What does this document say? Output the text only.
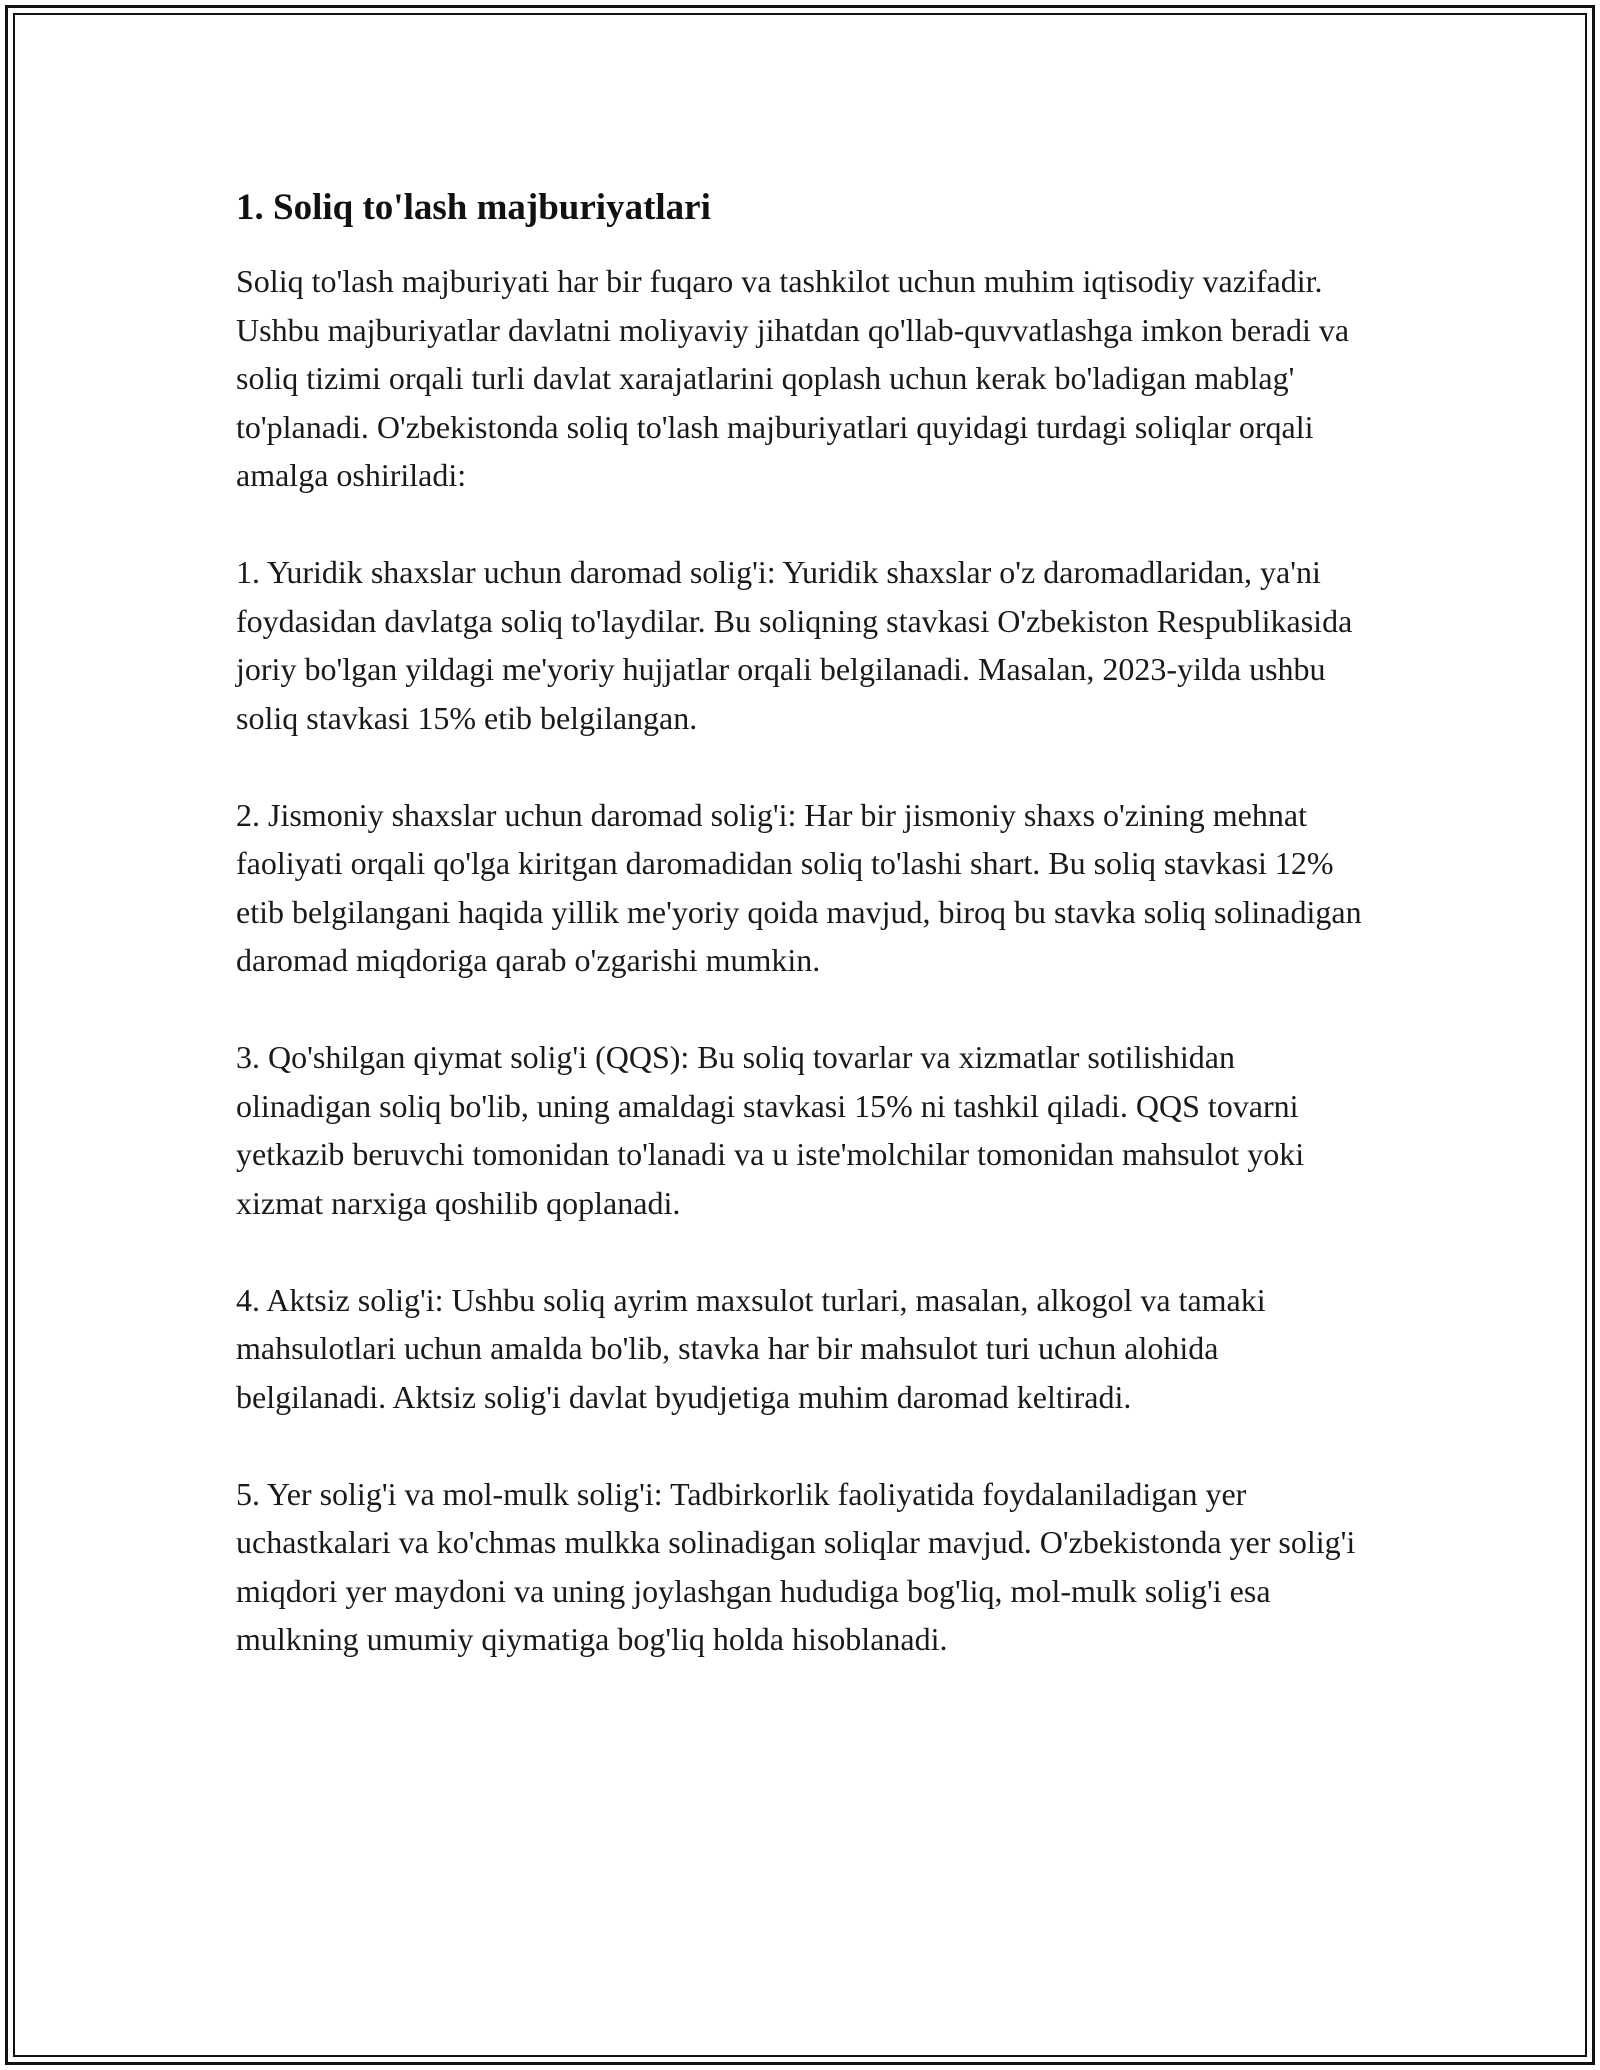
1. Soliq to'lash majburiyatlari

Soliq to'lash majburiyati har bir fuqaro va tashkilot uchun muhim iqtisodiy vazifadir. Ushbu majburiyatlar davlatni moliyaviy jihatdan qo'llab-quvvatlashga imkon beradi va soliq tizimi orqali turli davlat xarajatlarini qoplash uchun kerak bo'ladigan mablag' to'planadi. O'zbekistonda soliq to'lash majburiyatlari quyidagi turdagi soliqlar orqali amalga oshiriladi:

1. Yuridik shaxslar uchun daromad solig'i: Yuridik shaxslar o'z daromadlaridan, ya'ni foydasidan davlatga soliq to'laydilar. Bu soliqning stavkasi O'zbekiston Respublikasida joriy bo'lgan yildagi me'yoriy hujjatlar orqali belgilanadi. Masalan, 2023-yilda ushbu soliq stavkasi 15% etib belgilangan.

2. Jismoniy shaxslar uchun daromad solig'i: Har bir jismoniy shaxs o'zining mehnat faoliyati orqali qo'lga kiritgan daromadidan soliq to'lashi shart. Bu soliq stavkasi 12% etib belgilangani haqida yillik me'yoriy qoida mavjud, biroq bu stavka soliq solinadigan daromad miqdoriga qarab o'zgarishi mumkin.

3. Qo'shilgan qiymat solig'i (QQS): Bu soliq tovarlar va xizmatlar sotilishidan olinadigan soliq bo'lib, uning amaldagi stavkasi 15% ni tashkil qiladi. QQS tovarni yetkazib beruvchi tomonidan to'lanadi va u iste'molchilar tomonidan mahsulot yoki xizmat narxiga qoshilib qoplanadi.

4. Aktsiz solig'i: Ushbu soliq ayrim maxsulot turlari, masalan, alkogol va tamaki mahsulotlari uchun amalda bo'lib, stavka har bir mahsulot turi uchun alohida belgilanadi. Aktsiz solig'i davlat byudjetiga muhim daromad keltiradi.

5. Yer solig'i va mol-mulk solig'i: Tadbirkorlik faoliyatida foydalaniladigan yer uchastkalari va ko'chmas mulkka solinadigan soliqlar mavjud. O'zbekistonda yer solig'i miqdori yer maydoni va uning joylashgan hududiga bog'liq, mol-mulk solig'i esa mulkning umumiy qiymatiga bog'liq holda hisoblanadi.
